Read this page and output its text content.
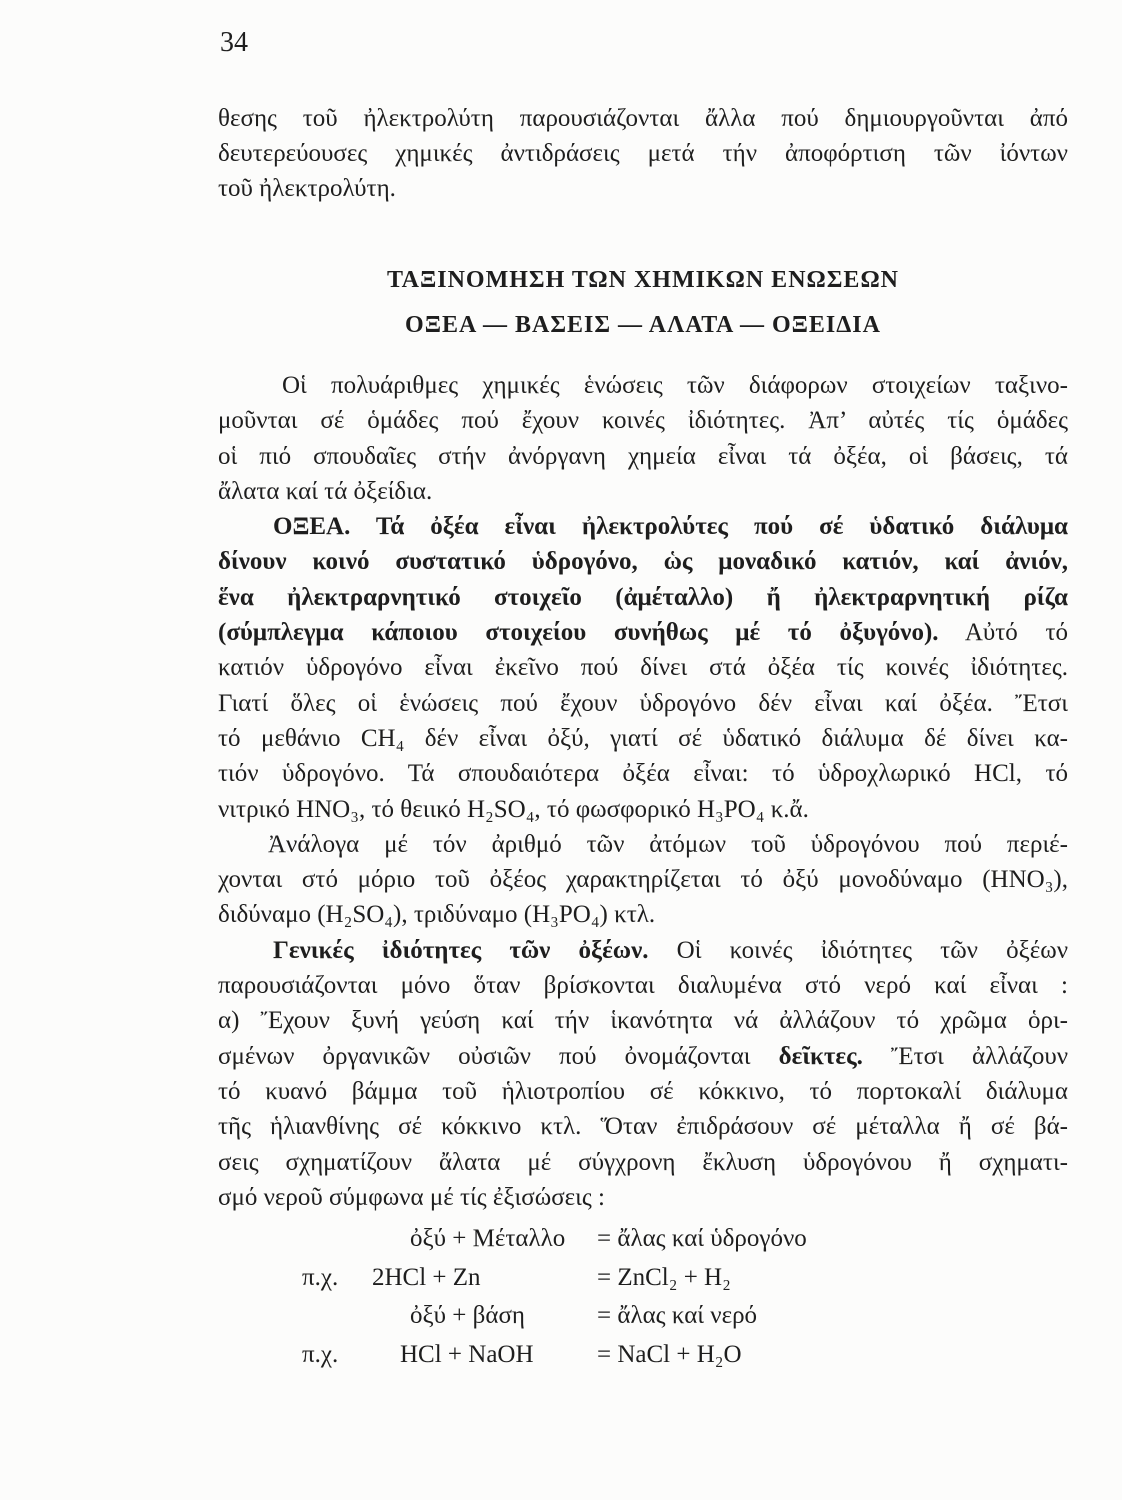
34
θεσης τοῦ ἠλεκτρολύτη παρουσιάζονται ἄλλα πού δημιουργοῦνται ἀπό
δευτερεύουσες χημικές ἀντιδράσεις μετά τήν ἀποφόρτιση τῶν ἰόντων
τοῦ ἠλεκτρολύτη.
ΤΑΞΙΝΟΜΗΣΗ ΤΩΝ ΧΗΜΙΚΩΝ ΕΝΩΣΕΩΝ
ΟΞΕΑ — ΒΑΣΕΙΣ — ΑΛΑΤΑ — ΟΞΕΙΔΙΑ
Οἱ πολυάριθμες χημικές ἑνώσεις τῶν διάφορων στοιχείων ταξινο-
μοῦνται σέ ὁμάδες πού ἔχουν κοινές ἰδιότητες. Ἀπ’ αὐτές τίς ὁμάδες
οἱ πιό σπουδαῖες στήν ἀνόργανη χημεία εἶναι τά ὀξέα, οἱ βάσεις, τά
ἄλατα καί τά ὀξείδια.
ΟΞΕΑ. Τά ὀξέα εἶναι ἠλεκτρολύτες πού σέ ὑδατικό διάλυμα
δίνουν κοινό συστατικό ὑδρογόνο, ὡς μοναδικό κατιόν, καί ἀνιόν,
ἕνα ἠλεκτραρνητικό στοιχεῖο (ἀμέταλλο) ἤ ἠλεκτραρνητική ρίζα
(σύμπλεγμα κάποιου στοιχείου συνήθως μέ τό ὀξυγόνο). Αὐτό τό
κατιόν ὑδρογόνο εἶναι ἐκεῖνο πού δίνει στά ὀξέα τίς κοινές ἰδιότητες.
Γιατί ὅλες οἱ ἑνώσεις πού ἔχουν ὑδρογόνο δέν εἶναι καί ὀξέα. Ἔτσι
τό μεθάνιο CH₄ δέν εἶναι ὀξύ, γιατί σέ ὑδατικό διάλυμα δέ δίνει κα-
τιόν ὑδρογόνο. Τά σπουδαιότερα ὀξέα εἶναι: τό ὑδροχλωρικό HCl, τό
νιτρικό HNO₃, τό θειικό H₂SO₄, τό φωσφορικό H₃PO₄ κ.ἄ.
Ἀνάλογα μέ τόν ἀριθμό τῶν ἀτόμων τοῦ ὑδρογόνου πού περιέ-
χονται στό μόριο τοῦ ὀξέος χαρακτηρίζεται τό ὀξύ μονοδύναμο (HNO₃),
διδύναμο (H₂SO₄), τριδύναμο (H₃PO₄) κτλ.
Γενικές ἰδιότητες τῶν ὀξέων. Οἱ κοινές ἰδιότητες τῶν ὀξέων
παρουσιάζονται μόνο ὅταν βρίσκονται διαλυμένα στό νερό καί εἶναι :
α) Ἔχουν ξυνή γεύση καί τήν ἱκανότητα νά ἀλλάζουν τό χρῶμα ὁρι-
σμένων ὀργανικῶν οὐσιῶν πού ὀνομάζονται δεῖκτες. Ἔτσι ἀλλάζουν
τό κυανό βάμμα τοῦ ἡλιοτροπίου σέ κόκκινο, τό πορτοκαλί διάλυμα
τῆς ἡλιανθίνης σέ κόκκινο κτλ. Ὅταν ἐπιδράσουν σέ μέταλλα ἤ σέ βά-
σεις σχηματίζουν ἄλατα μέ σύγχρονη ἔκλυση ὑδρογόνου ἤ σχηματι-
σμό νεροῦ σύμφωνα μέ τίς ἐξισώσεις :
ὀξύ + Μέταλλο = ἄλας καί ὑδρογόνο
π.χ. 2HCl + Zn	= ZnCl₂ + H₂
ὀξύ + βάση	= ἄλας καί νερό
π.χ. HCl + NaOH	= NaCl + H₂O
